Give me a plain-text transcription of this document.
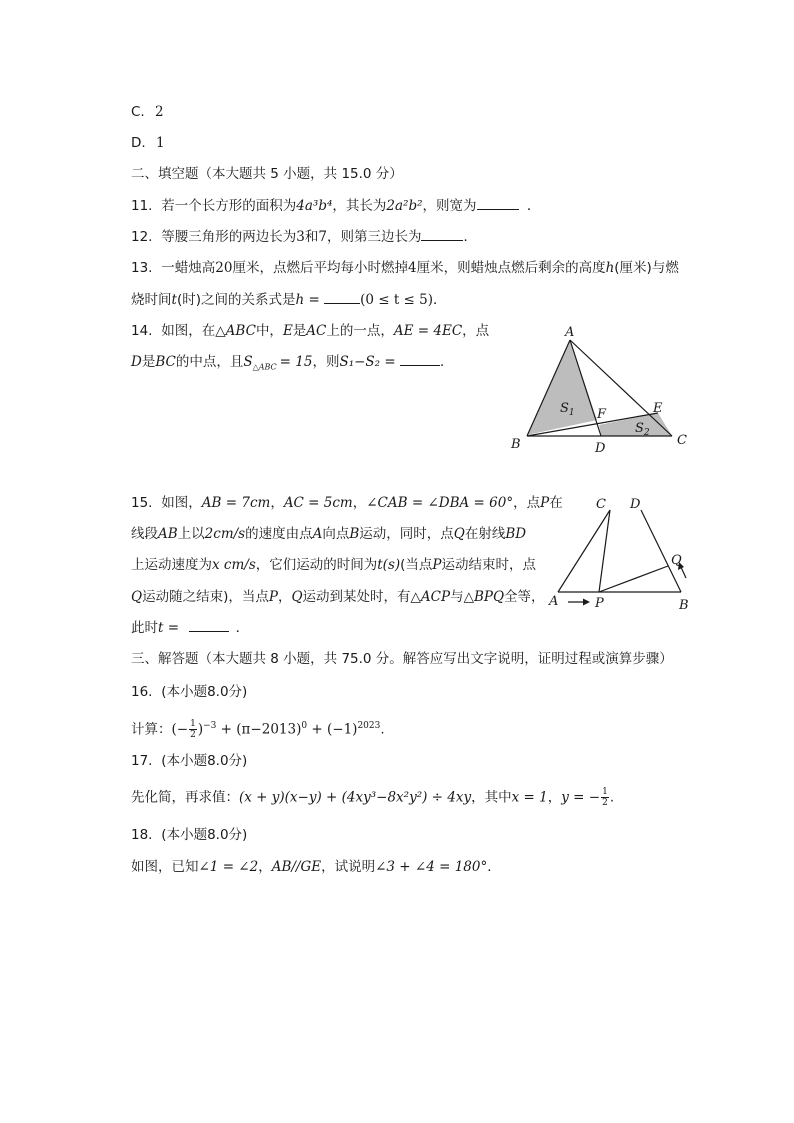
C. 2
D. 1
二、填空题（本大题共 5 小题，共 15.0 分）
11. 若一个长方形的面积为4a³b⁴，其长为2a²b²，则宽为	．
12. 等腰三角形的两边长为3和7，则第三边长为	．
13. 一蜡烛高20厘米，点燃后平均每小时燃掉4厘米，则蜡烛点燃后剩余的高度h(厘米)与燃
烧时间t(时)之间的关系式是h =	(0 ≤ t ≤ 5)．
14. 如图，在△ABC中，E是AC上的一点，AE = 4EC，点
D是BC的中点，且$S_{\triangle ABC} = 15$，则S₁−S₂ =	．
A
B	C
D
E
F
$S_1$
$S_2$
15. 如图，AB = 7cm，AC = 5cm，∠CAB = ∠DBA = 60°，点P在
线段AB上以2cm/s的速度由点A向点B运动，同时，点Q在射线BD
上运动速度为x cm/s，它们运动的时间为t(s)(当点P运动结束时，点
Q运动随之结束)，当点P，Q运动到某处时，有△ACP与△BPQ全等，
此时t =	．
C D
A	P	B
Q
三、解答题（本大题共 8 小题，共 75.0 分。解答应写出文字说明，证明过程或演算步骤）
16. (本小题8.0分)
计算：(− $\frac{1}{2} )^{-3} + (\pi-2013)^0 + (-1)^{2023}$.
17. (本小题8.0分)
先化简，再求值：(x + y)(x−y) + (4xy³−8x²y²) ÷ 4xy，其中x = 1，y = − $\frac{1}{2}$ .
18. (本小题8.0分)
如图，已知∠1 = ∠2，AB//GE，试说明∠3 + ∠4 = 180°．
